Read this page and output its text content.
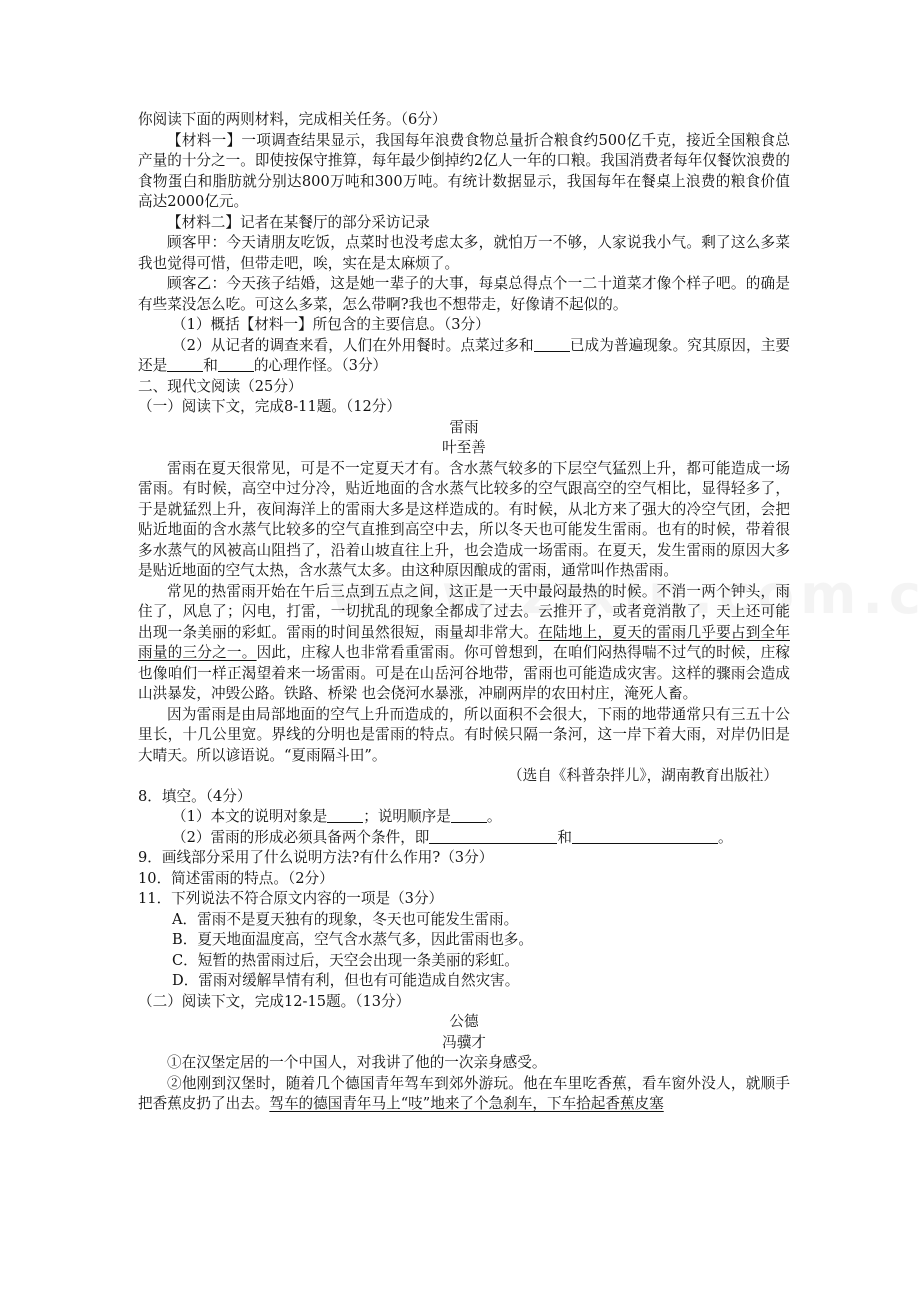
你阅读下面的两则材料，完成相关任务。（6分）

【材料一】一项调查结果显示，我国每年浪费食物总量折合粮食约500亿千克，接近全国粮食总产量的十分之一。即使按保守推算，每年最少倒掉约2亿人一年的口粮。我国消费者每年仅餐饮浪费的食物蛋白和脂肪就分别达800万吨和300万吨。有统计数据显示，我国每年在餐桌上浪费的粮食价值高达2000亿元。

【材料二】记者在某餐厅的部分采访记录

顾客甲：今天请朋友吃饭，点菜时也没考虑太多，就怕万一不够，人家说我小气。剩了这么多菜我也觉得可惜，但带走吧，唉，实在是太麻烦了。

顾客乙：今天孩子结婚，这是她一辈子的大事，每桌总得点个一二十道菜才像个样子吧。的确是有些菜没怎么吃。可这么多菜，怎么带啊?我也不想带走，好像请不起似的。

（1）概括【材料一】所包含的主要信息。（3分）

（2）从记者的调查来看，人们在外用餐时。点菜过多和 已成为普遍现象。究其原因，主要还是 和 的心理作怪。（3分）

二、现代文阅读（25分）

（一）阅读下文，完成8-11题。（12分）

雷雨

叶至善

雷雨在夏天很常见，可是不一定夏天才有。含水蒸气较多的下层空气猛烈上升，都可能造成一场雷雨。有时候，高空中过分冷，贴近地面的含水蒸气比较多的空气跟高空的空气相比，显得轻多了，于是就猛烈上升，夜间海洋上的雷雨大多是这样造成的。有时候，从北方来了强大的冷空气团，会把贴近地面的含水蒸气比较多的空气直推到高空中去，所以冬天也可能发生雷雨。也有的时候，带着很多水蒸气的风被高山阻挡了，沿着山坡直往上升，也会造成一场雷雨。在夏天，发生雷雨的原因大多是贴近地面的空气太热，含水蒸气太多。由这种原因酿成的雷雨，通常叫作热雷雨。

常见的热雷雨开始在午后三点到五点之间，这正是一天中最闷最热的时候。不消一两个钟头，雨住了，风息了；闪电，打雷，一切扰乱的现象全都成了过去。云推开了，或者竟消散了，天上还可能出现一条美丽的彩虹。雷雨的时间虽然很短，雨量却非常大。在陆地上，夏天的雷雨几乎要占到全年雨量的三分之一。因此，庄稼人也非常看重雷雨。你可曾想到，在咱们闷热得喘不过气的时候，庄稼也像咱们一样正渴望着来一场雷雨。可是在山岳河谷地带，雷雨也可能造成灾害。这样的骤雨会造成山洪暴发，冲毁公路。铁路、桥梁 也会侥河水暴涨，冲刷两岸的农田村庄，淹死人畜。

因为雷雨是由局部地面的空气上升而造成的，所以面积不会很大，下雨的地带通常只有三五十公里长，十几公里宽。界线的分明也是雷雨的特点。有时候只隔一条河，这一岸下着大雨，对岸仍旧是大晴天。所以谚语说。“夏雨隔斗田”。

（选自《科普杂拌儿》，湖南教育出版社）

8．填空。（4分）

（1）本文的说明对象是 ；说明顺序是 。

（2）雷雨的形成必须具备两个条件，即	和	。

9．画线部分采用了什么说明方法?有什么作用?（3分）

10．简述雷雨的特点。（2分）

11．下列说法不符合原文内容的一项是（3分）

A．雷雨不是夏天独有的现象，冬天也可能发生雷雨。

B．夏天地面温度高，空气含水蒸气多，因此雷雨也多。

C．短暂的热雷雨过后，天空会出现一条美丽的彩虹。

D．雷雨对缓解旱情有利，但也有可能造成自然灾害。

（二）阅读下文，完成12-15题。（13分）

公德

冯骥才

①在汉堡定居的一个中国人，对我讲了他的一次亲身感受。

②他刚到汉堡时，随着几个德国青年驾车到郊外游玩。他在车里吃香蕉，看车窗外没人，就顺手把香蕉皮扔了出去。驾车的德国青年马上“吱”地来了个急刹车，下车拾起香蕉皮塞
